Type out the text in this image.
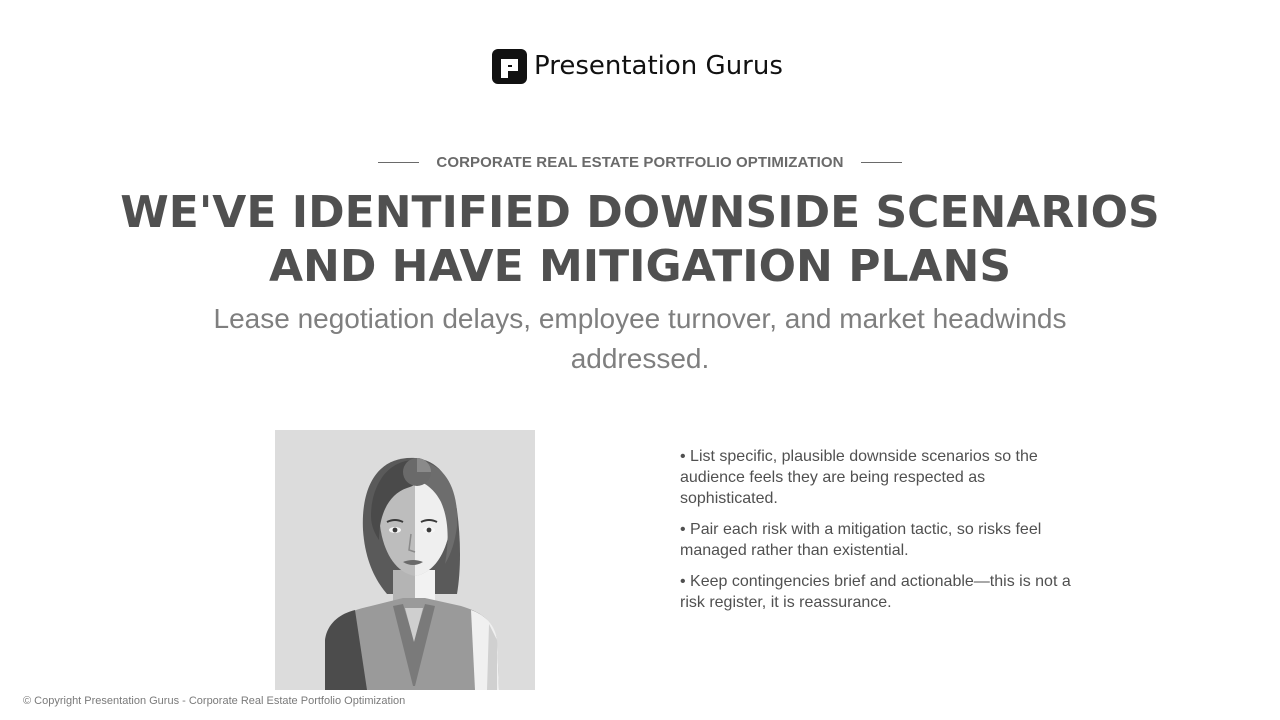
Presentation Gurus
CORPORATE REAL ESTATE PORTFOLIO OPTIMIZATION
WE'VE IDENTIFIED DOWNSIDE SCENARIOS AND HAVE MITIGATION PLANS

Lease negotiation delays, employee turnover, and market headwinds addressed.

• List specific, plausible downside scenarios so the audience feels they are being respected as sophisticated.
• Pair each risk with a mitigation tactic, so risks feel managed rather than existential.
• Keep contingencies brief and actionable—this is not a risk register, it is reassurance.
© Copyright Presentation Gurus - Corporate Real Estate Portfolio Optimization
